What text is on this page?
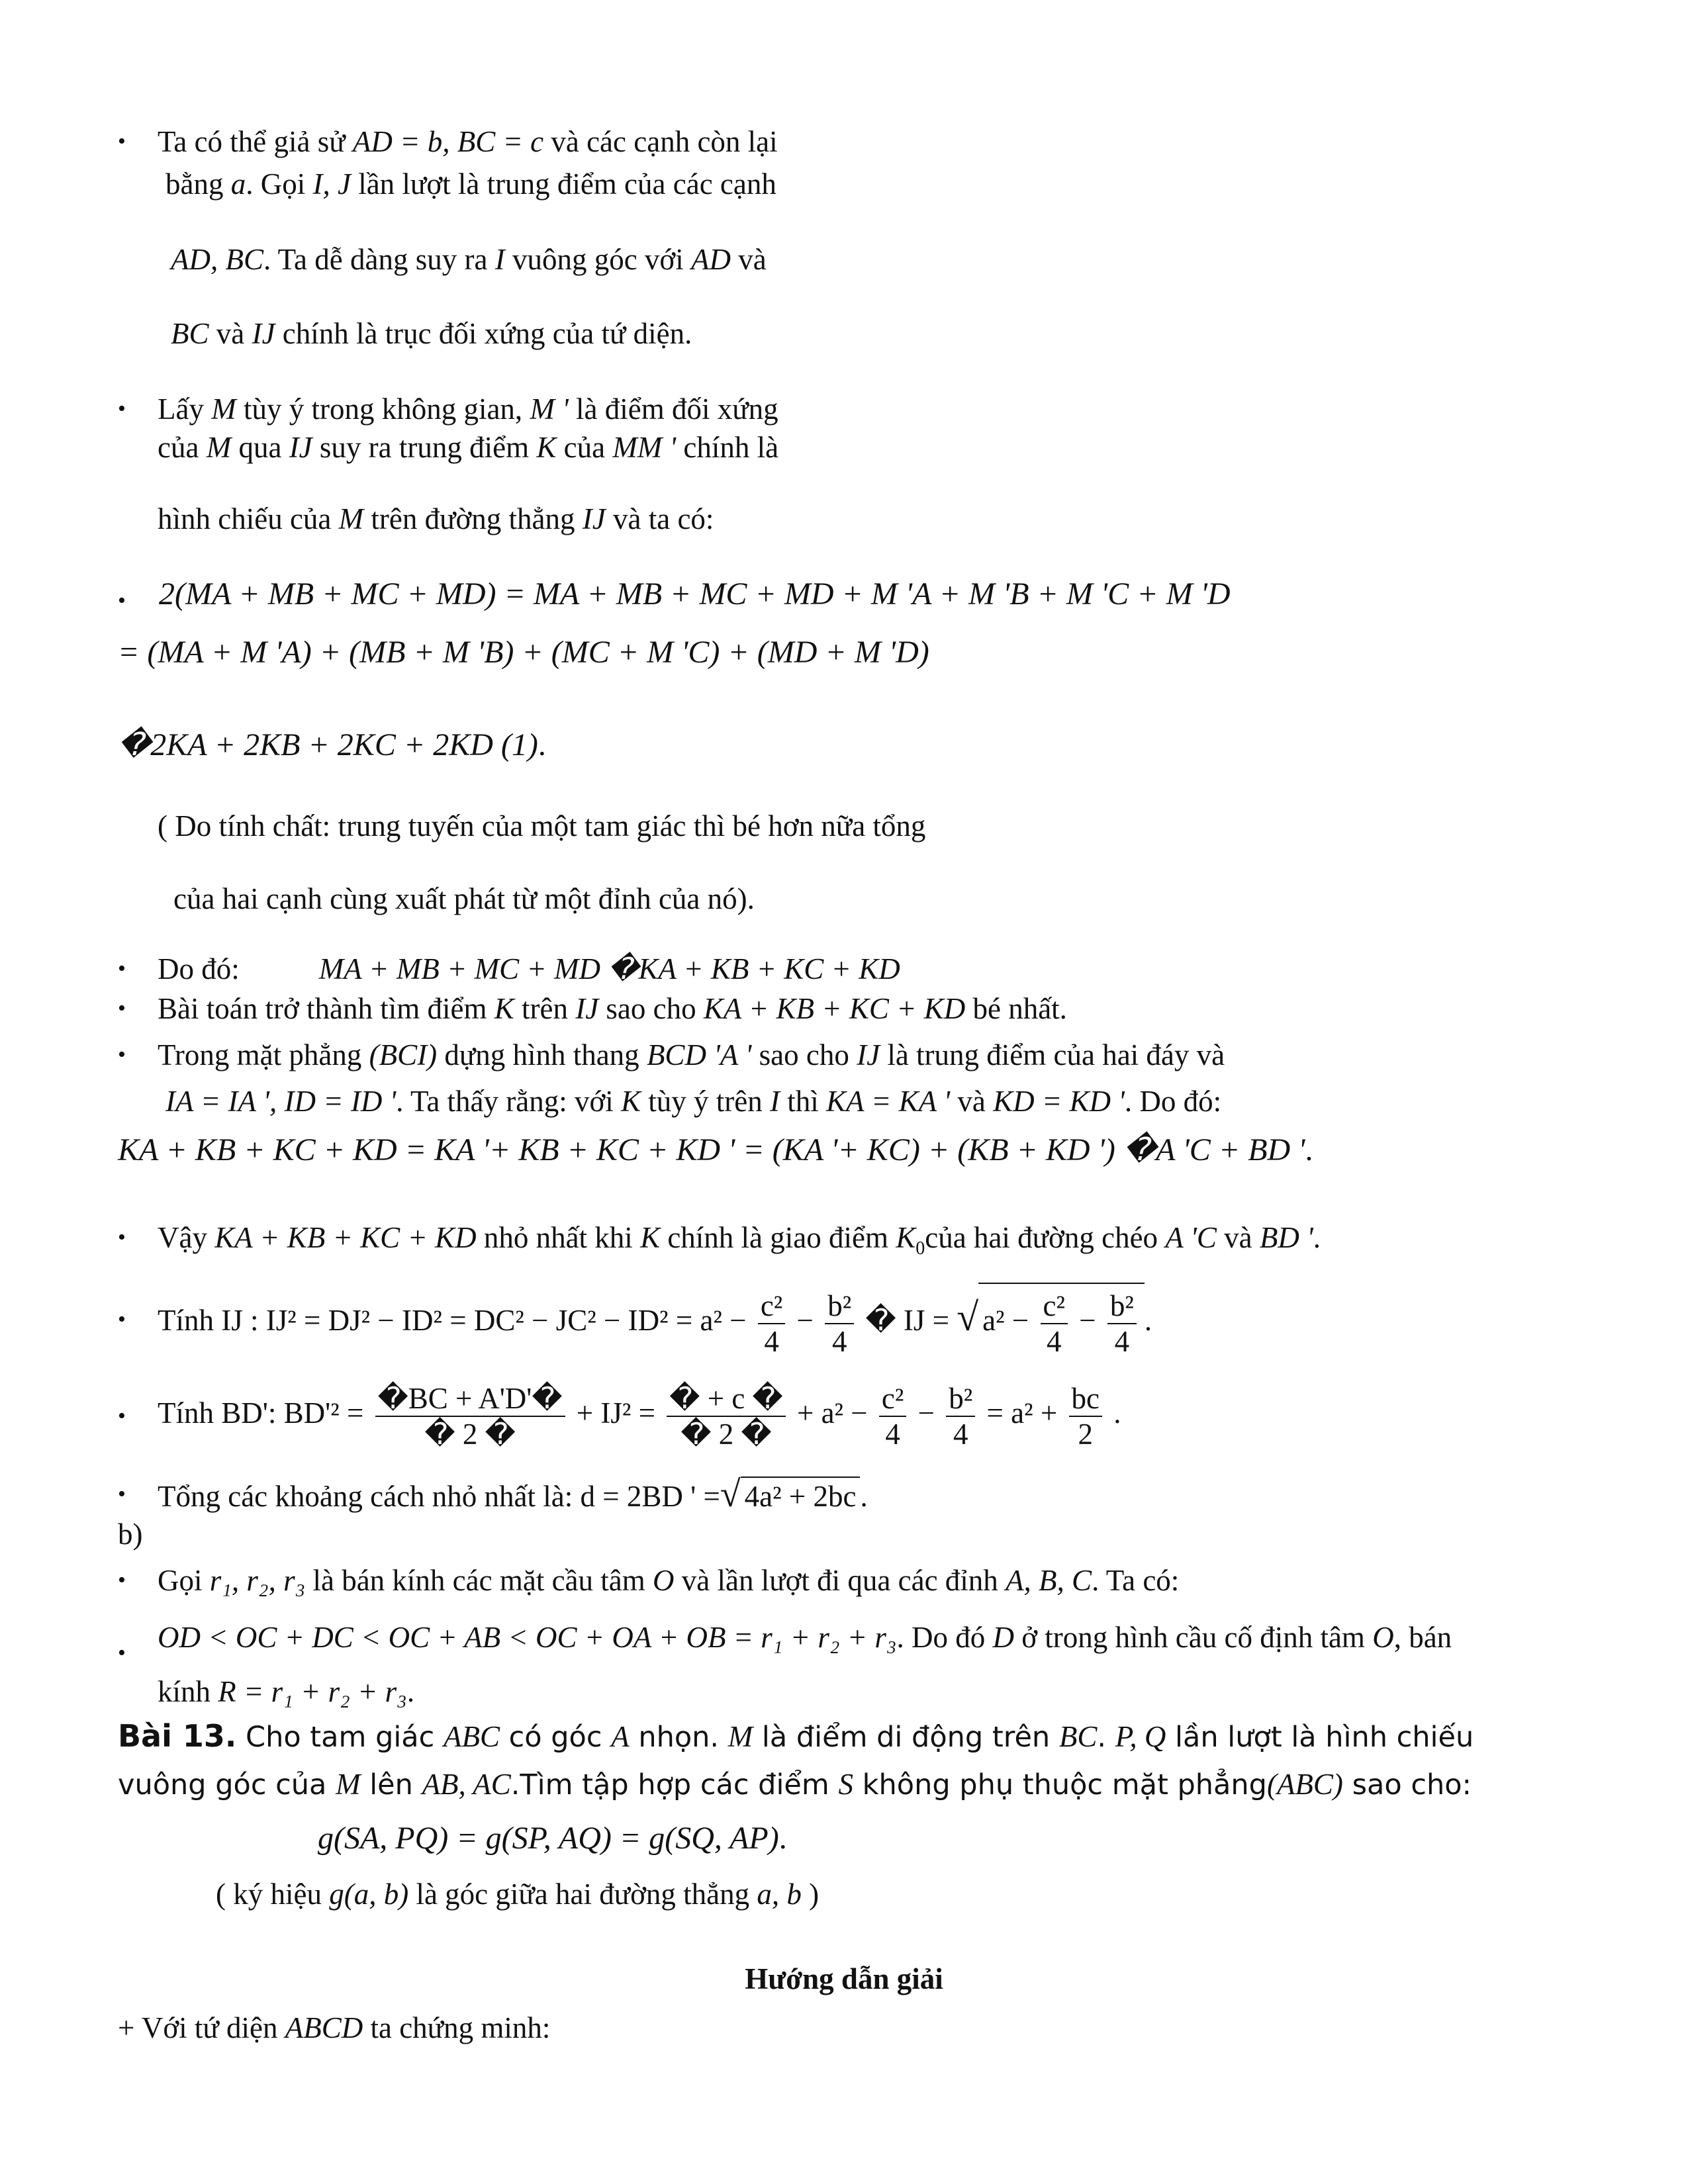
• Ta có thể giả sử AD = b, BC = c và các cạnh còn lại
bằng a. Gọi I, J lần lượt là trung điểm của các cạnh
AD, BC. Ta dễ dàng suy ra I vuông góc với AD và
BC và IJ chính là trục đối xứng của tứ diện.
• Lấy M tùy ý trong không gian, M ' là điểm đối xứng
của M qua IJ suy ra trung điểm K của MM ' chính là
hình chiếu của M trên đường thẳng IJ và ta có:
• 2(MA + MB + MC + MD) = MA + MB + MC + MD + M 'A + M 'B + M 'C + M 'D
= (MA + M 'A) + (MB + M 'B) + (MC + M 'C) + (MD + M 'D)
�2KA + 2KB + 2KC + 2KD (1).
( Do tính chất: trung tuyến của một tam giác thì bé hơn nữa tổng
của hai cạnh cùng xuất phát từ một đỉnh của nó).
• Do đó:	MA + MB + MC + MD �KA + KB + KC + KD
• Bài toán trở thành tìm điểm K trên IJ sao cho KA + KB + KC + KD bé nhất.
• Trong mặt phẳng (BCI) dựng hình thang BCD 'A ' sao cho IJ là trung điểm của hai đáy và
IA = IA ', ID = ID '. Ta thấy rằng: với K tùy ý trên I thì KA = KA ' và KD = KD '. Do đó:
KA + KB + KC + KD = KA '+ KB + KC + KD ' = (KA '+ KC) + (KB + KD ') �A 'C + BD '.
• Vậy KA + KB + KC + KD nhỏ nhất khi K chính là giao điểm $K_0của$ hai đường chéo A 'C và BD '.
• Tính IJ : $IJ^2 = DJ^2 - ID^2 = DC^2 - JC^2 - ID^2 = a^2 - \frac{\text{c²}}{4} - \frac{\text{b²}}{4}$ � IJ = √ $a^2 - \frac{\text{c²}}{4} - \frac{\text{b²}}{4}$ .
• Tính BD': $BD'^2 = \frac{�BC + A'D'�}{� 2 �} + IJ^2 = \frac{� + c �}{� 2 �} + a^2 - \frac{\text{c²}}{4} - \frac{\text{b²}}{4} = a^2 + \frac{bc}{2}$ .
• Tổng các khoảng cách nhỏ nhất là: d = 2BD ' =√ 4a² + 2bc .
b)
• Gọi r₁, r₂, r₃ là bán kính các mặt cầu tâm O và lần lượt đi qua các đỉnh A, B, C. Ta có:
• OD < OC + DC < OC + AB < OC + OA + OB = r₁ + r₂ + r₃. Do đó D ở trong hình cầu cố định tâm O, bán
kính R = r₁ + r₂ + r₃.
Bài 13. Cho tam giác ABC có góc A nhọn. M là điểm di động trên BC. P, Q lần lượt là hình chiếu
vuông góc của M lên AB, AC.Tìm tập hợp các điểm S không phụ thuộc mặt phẳng(ABC) sao cho:
g(SA, PQ) = g(SP, AQ) = g(SQ, AP).
( ký hiệu g(a, b) là góc giữa hai đường thẳng a, b )
Hướng dẫn giải
+ Với tứ diện ABCD ta chứng minh:
